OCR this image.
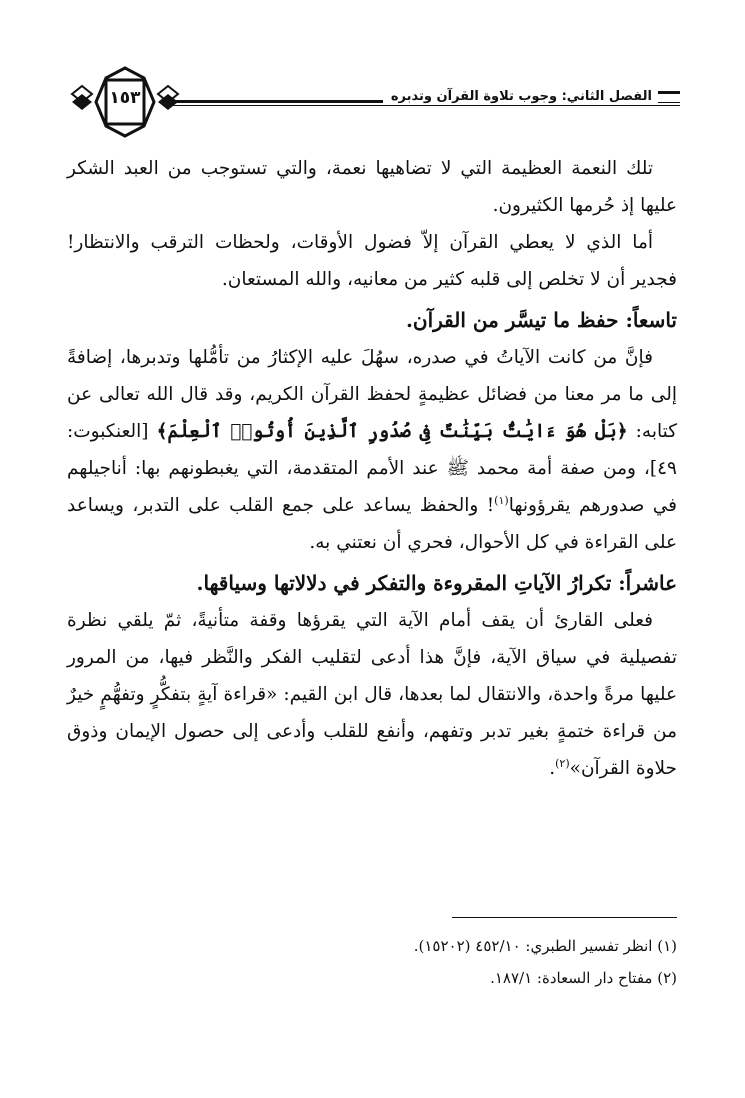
الفصل الثاني: وجوب تلاوة القرآن وتدبره
١٥٣

تلك النعمة العظيمة التي لا تضاهيها نعمة، والتي تستوجب من العبد الشكر عليها إذ حُرمها الكثيرون.

أما الذي لا يعطي القرآن إلاّ فضول الأوقات، ولحظات الترقب والانتظار! فجدير أن لا تخلص إلى قلبه كثير من معانيه، والله المستعان.

تاسعاً: حفظ ما تيسَّر من القرآن.

فإنَّ من كانت الآياتُ في صدره، سهُلَ عليه الإكثارُ من تأمُّلها وتدبرها، إضافةً إلى ما مر معنا من فضائل عظيمةٍ لحفظ القرآن الكريم، وقد قال الله تعالى عن كتابه: ﴿بَلْ هُوَ ءَايَٰتٌۢ بَيِّنَٰتٌ فِى صُدُورِ ٱلَّذِينَ أُوتُوا۟ ٱلْعِلْمَ﴾ [العنكبوت: ٤٩]، ومن صفة أمة محمد ﷺ عند الأمم المتقدمة، التي يغبطونهم بها: أناجيلهم في صدورهم يقرؤونها$^{(١)}$! والحفظ يساعد على جمع القلب على التدبر، ويساعد على القراءة في كل الأحوال، فحري أن نعتني به.

عاشراً: تكرارُ الآياتِ المقروءة والتفكر في دلالاتها وسياقها.

فعلى القارئ أن يقف أمام الآية التي يقرؤها وقفة متأنيةً، ثمّ يلقي نظرة تفصيلية في سياق الآية، فإنَّ هذا أدعى لتقليب الفكر والنَّظر فيها، من المرور عليها مرةً واحدة، والانتقال لما بعدها، قال ابن القيم: «قراءة آيةٍ بتفكُّرٍ وتفهُّمٍ خيرٌ من قراءة ختمةٍ بغير تدبر وتفهم، وأنفع للقلب وأدعى إلى حصول الإيمان وذوق حلاوة القرآن»$^{(٢)}$.

(١) انظر تفسير الطبري: ٤٥٢/١٠ (١٥٢٠٢).

(٢) مفتاح دار السعادة: ١٨٧/١.
